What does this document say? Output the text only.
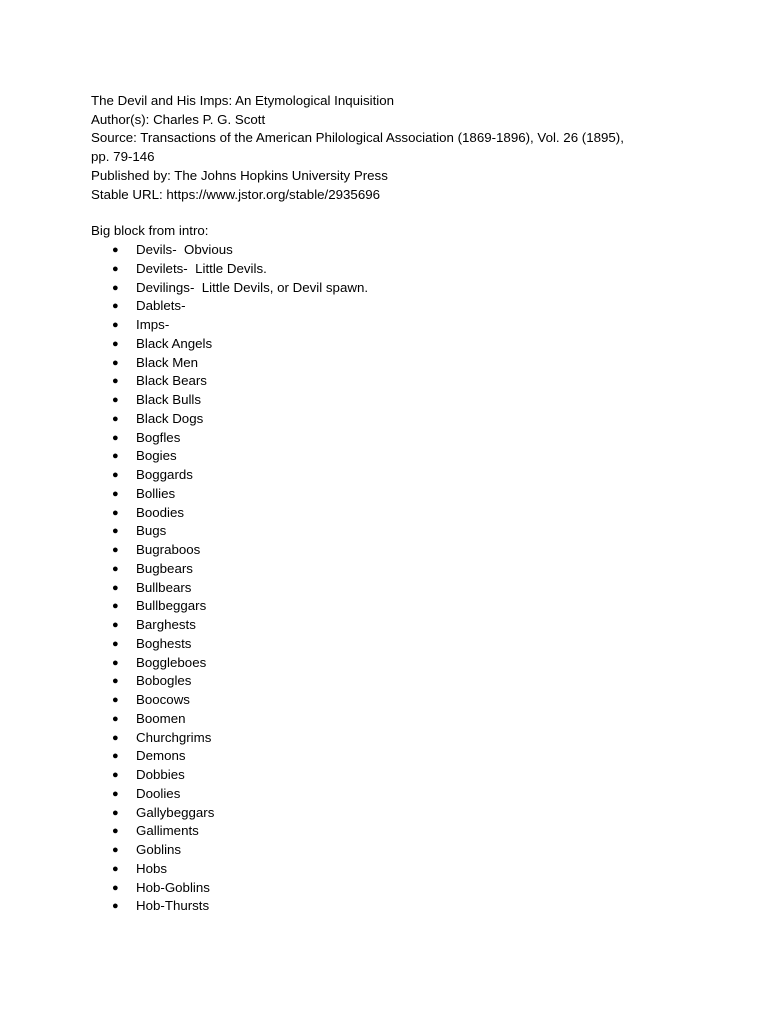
The Devil and His Imps: An Etymological Inquisition
Author(s): Charles P. G. Scott
Source: Transactions of the American Philological Association (1869-1896), Vol. 26 (1895),
pp. 79-146
Published by: The Johns Hopkins University Press
Stable URL: https://www.jstor.org/stable/2935696
Big block from intro:
● Devils-  Obvious
● Devilets-  Little Devils.
● Devilings-  Little Devils, or Devil spawn.
● Dablets-
● Imps-
● Black Angels
● Black Men
● Black Bears
● Black Bulls
● Black Dogs
● Bogfles
● Bogies
● Boggards
● Bollies
● Boodies
● Bugs
● Bugraboos
● Bugbears
● Bullbears
● Bullbeggars
● Barghests
● Boghests
● Boggleboes
● Bobogles
● Boocows
● Boomen
● Churchgrims
● Demons
● Dobbies
● Doolies
● Gallybeggars
● Galliments
● Goblins
● Hobs
● Hob-Goblins
● Hob-Thursts
